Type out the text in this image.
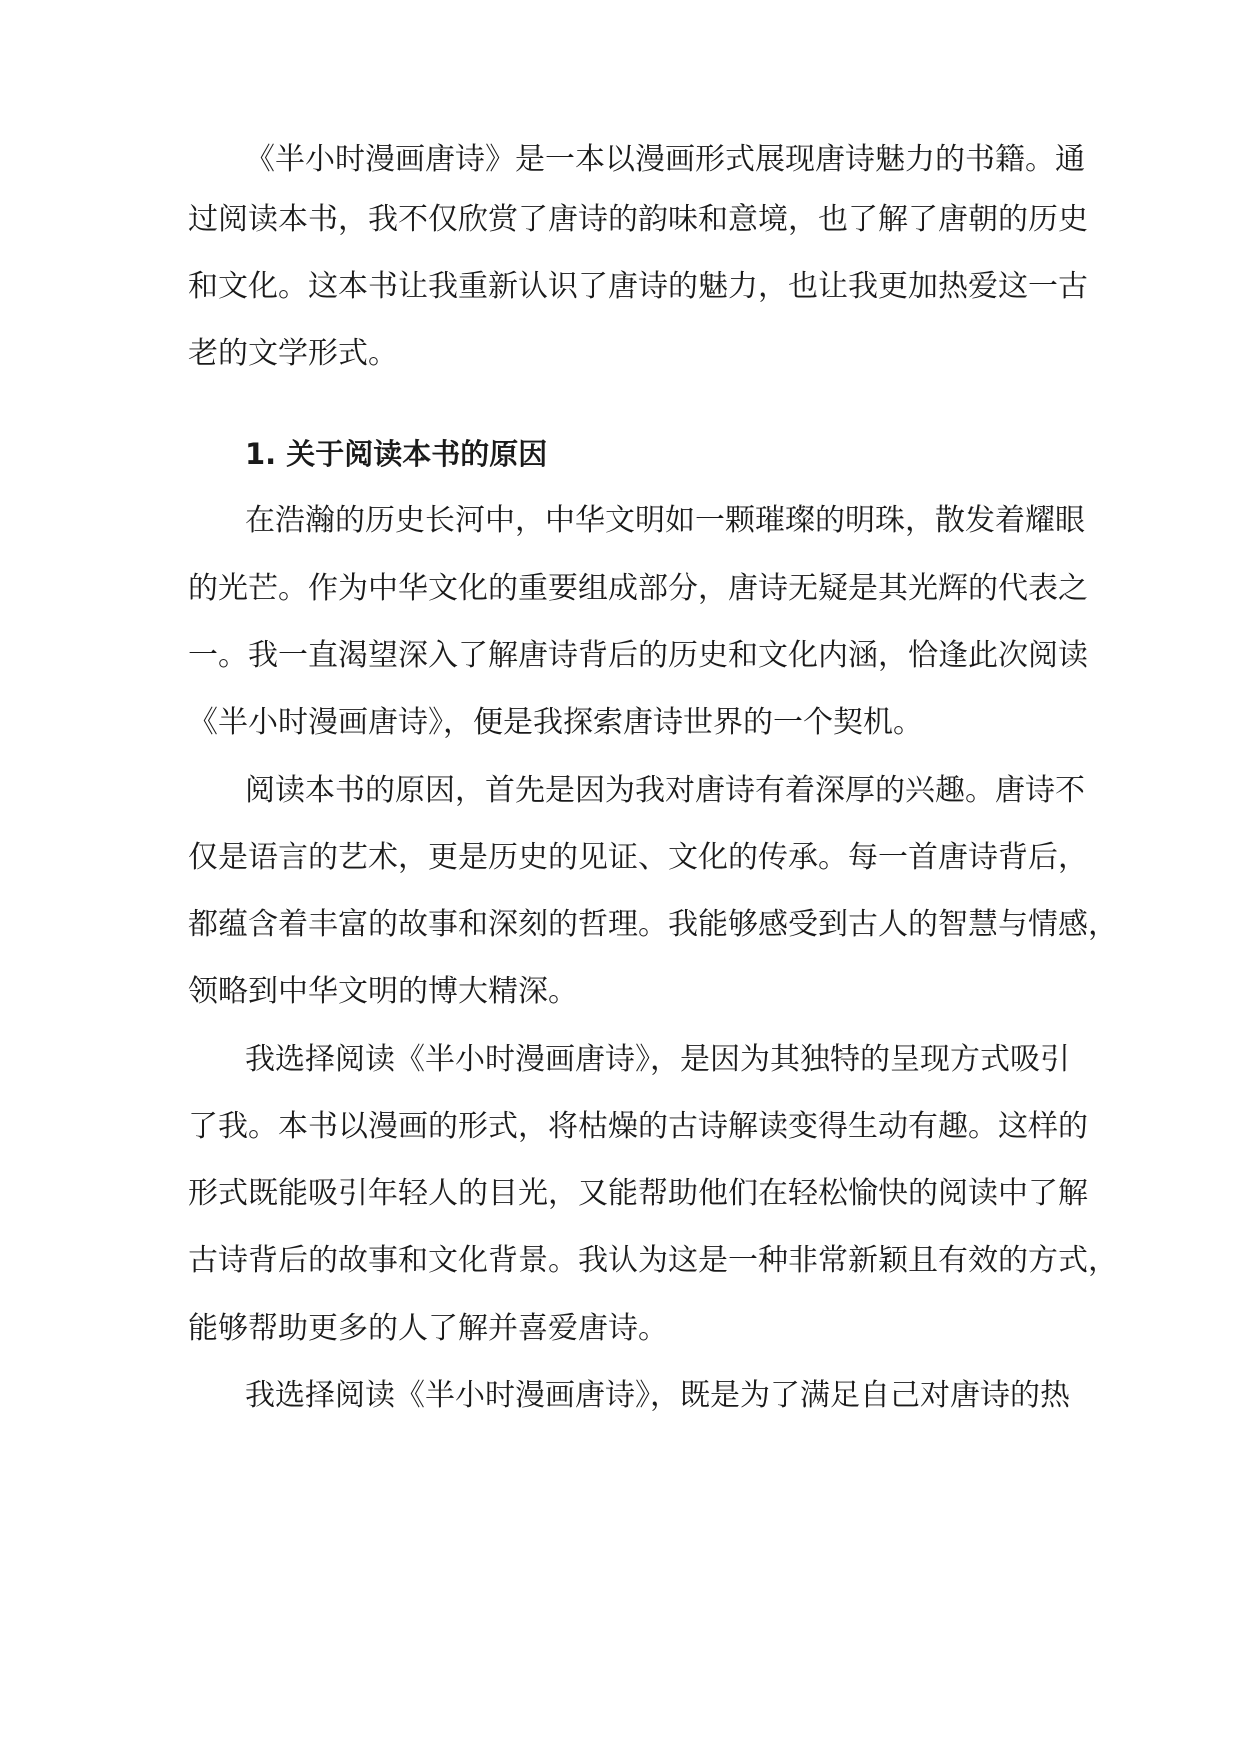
《半小时漫画唐诗》是一本以漫画形式展现唐诗魅力的书籍。通
过阅读本书，我不仅欣赏了唐诗的韵味和意境，也了解了唐朝的历史
和文化。这本书让我重新认识了唐诗的魅力，也让我更加热爱这一古
老的文学形式。
1. 关于阅读本书的原因
在浩瀚的历史长河中，中华文明如一颗璀璨的明珠，散发着耀眼
的光芒。作为中华文化的重要组成部分，唐诗无疑是其光辉的代表之
一。我一直渴望深入了解唐诗背后的历史和文化内涵，恰逢此次阅读
《半小时漫画唐诗》，便是我探索唐诗世界的一个契机。
阅读本书的原因，首先是因为我对唐诗有着深厚的兴趣。唐诗不
仅是语言的艺术，更是历史的见证、文化的传承。每一首唐诗背后，
都蕴含着丰富的故事和深刻的哲理。我能够感受到古人的智慧与情感，
领略到中华文明的博大精深。
我选择阅读《半小时漫画唐诗》，是因为其独特的呈现方式吸引
了我。本书以漫画的形式，将枯燥的古诗解读变得生动有趣。这样的
形式既能吸引年轻人的目光，又能帮助他们在轻松愉快的阅读中了解
古诗背后的故事和文化背景。我认为这是一种非常新颖且有效的方式，
能够帮助更多的人了解并喜爱唐诗。
我选择阅读《半小时漫画唐诗》，既是为了满足自己对唐诗的热
